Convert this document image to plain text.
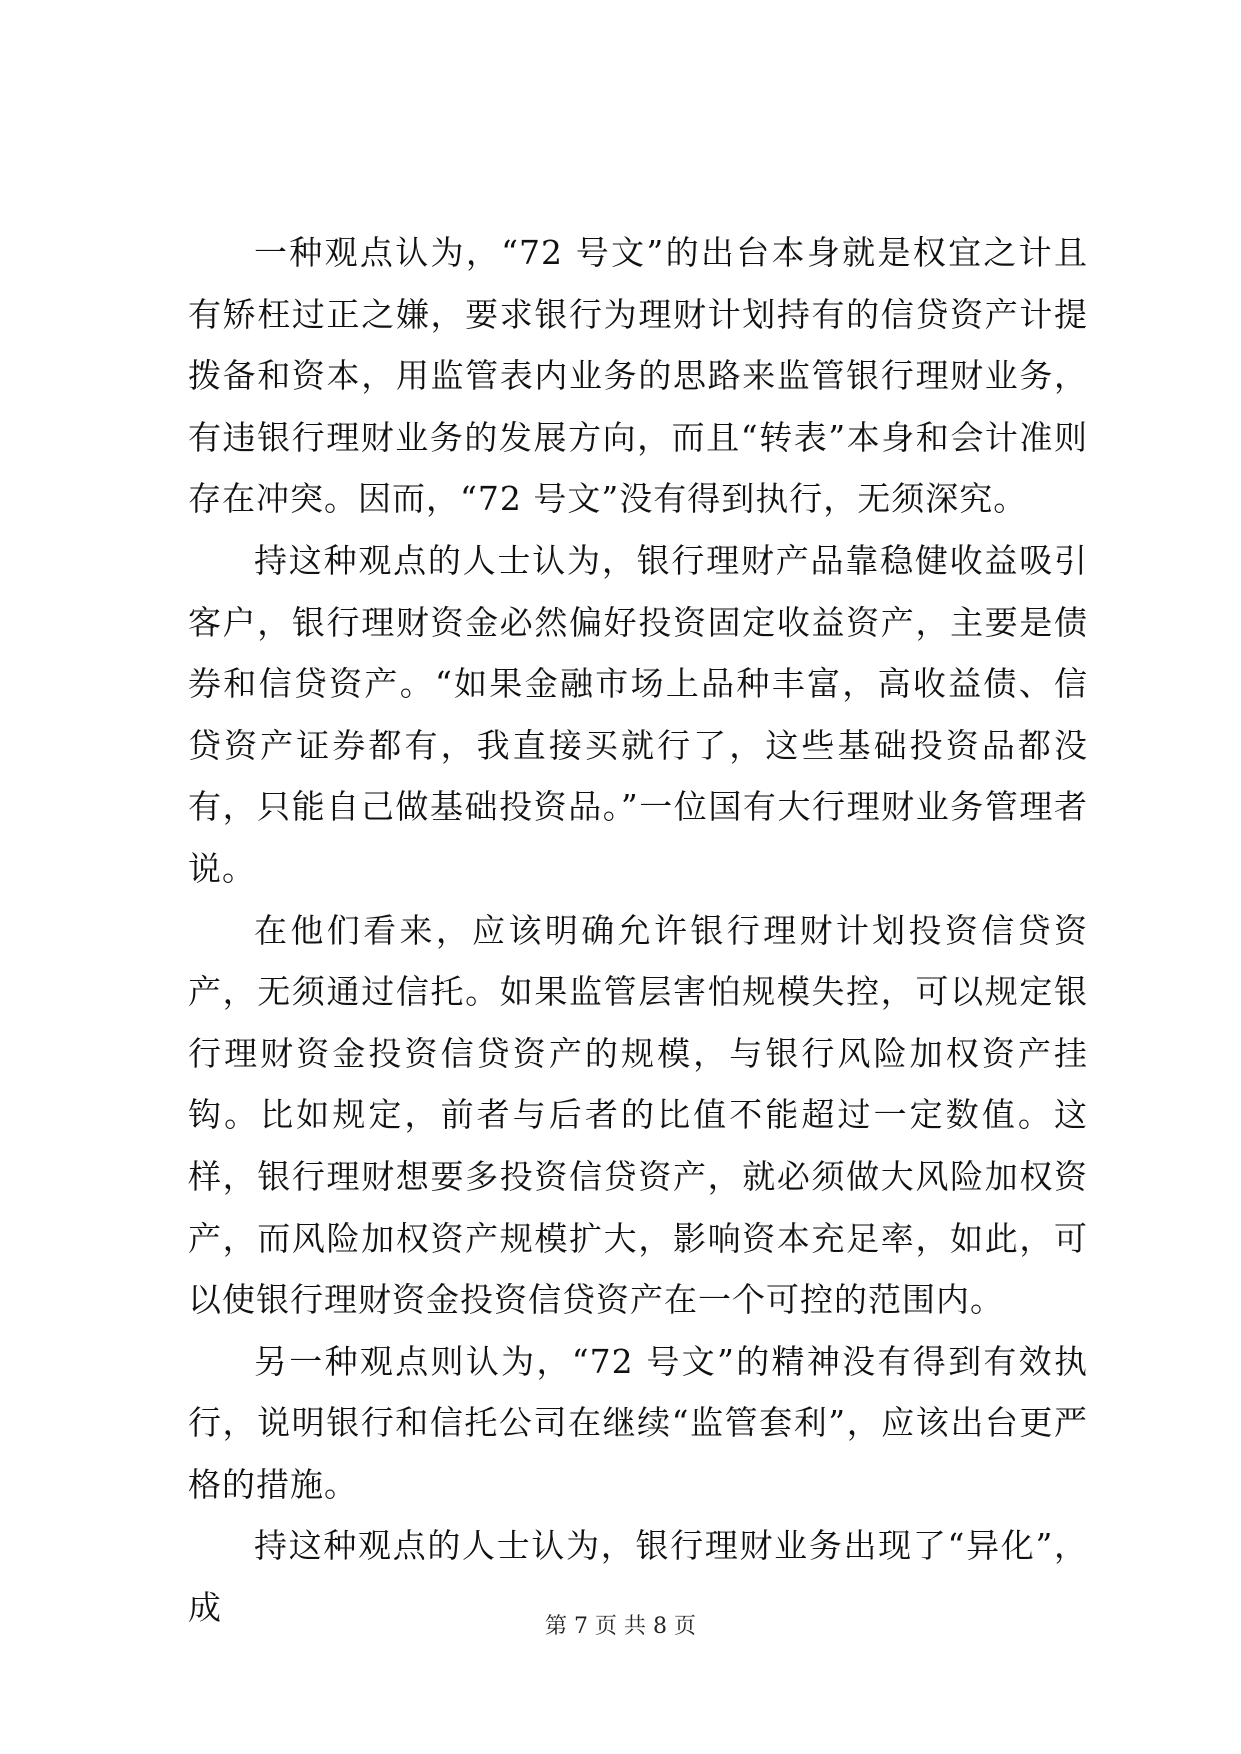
一种观点认为，“72 号文”的出台本身就是权宜之计且有矫枉过正之嫌，要求银行为理财计划持有的信贷资产计提拨备和资本，用监管表内业务的思路来监管银行理财业务，有违银行理财业务的发展方向，而且“转表”本身和会计准则存在冲突。因而，“72 号文”没有得到执行，无须深究。

持这种观点的人士认为，银行理财产品靠稳健收益吸引客户，银行理财资金必然偏好投资固定收益资产，主要是债券和信贷资产。“如果金融市场上品种丰富，高收益债、信贷资产证券都有，我直接买就行了，这些基础投资品都没有，只能自己做基础投资品。”一位国有大行理财业务管理者说。

在他们看来，应该明确允许银行理财计划投资信贷资产，无须通过信托。如果监管层害怕规模失控，可以规定银行理财资金投资信贷资产的规模，与银行风险加权资产挂钩。比如规定，前者与后者的比值不能超过一定数值。这样，银行理财想要多投资信贷资产，就必须做大风险加权资产，而风险加权资产规模扩大，影响资本充足率，如此，可以使银行理财资金投资信贷资产在一个可控的范围内。

另一种观点则认为，“72 号文”的精神没有得到有效执行，说明银行和信托公司在继续“监管套利”，应该出台更严格的措施。

持这种观点的人士认为，银行理财业务出现了“异化”，成	第 7 页 共 8 页
